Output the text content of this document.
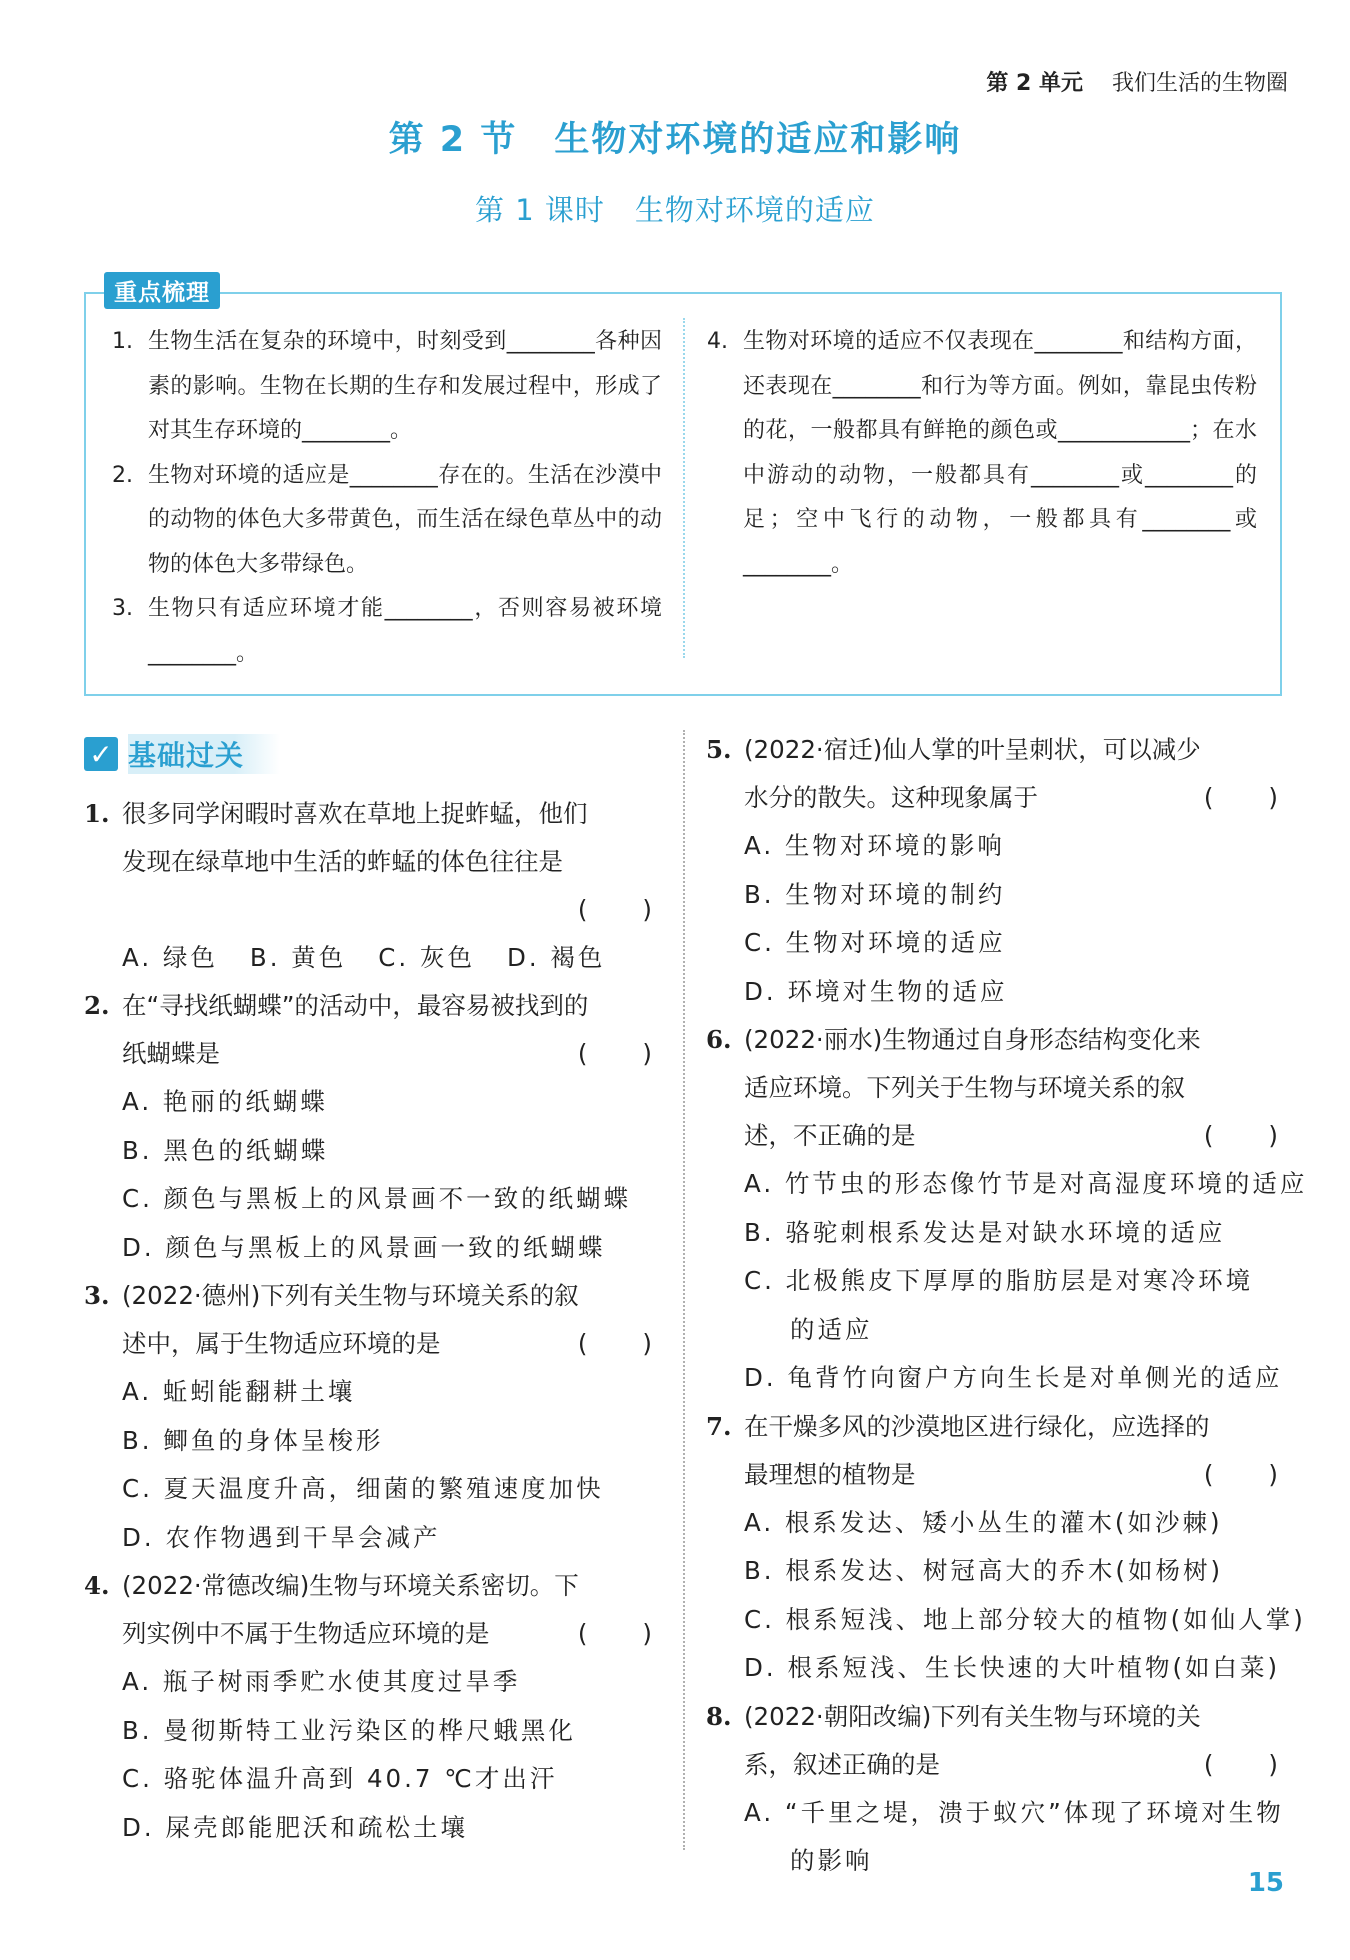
第 2 单元 我们生活的生物圈
第 2 节　生物对环境的适应和影响
第 1 课时　生物对环境的适应
重点梳理
1. 生物生活在复杂的环境中，时刻受到________各种因素的影响。生物在长期的生存和发展过程中，形成了对其生存环境的________。
2. 生物对环境的适应是________存在的。生活在沙漠中的动物的体色大多带黄色，而生活在绿色草丛中的动物的体色大多带绿色。
3. 生物只有适应环境才能________，否则容易被环境________。
4. 生物对环境的适应不仅表现在________和结构方面，还表现在________和行为等方面。例如，靠昆虫传粉的花，一般都具有鲜艳的颜色或____________；在水中游动的动物，一般都具有________或________的足；空中飞行的动物，一般都具有________或________。
✓ 基础过关
1. 很多同学闲暇时喜欢在草地上捉蚱蜢，他们
发现在绿草地中生活的蚱蜢的体色往往是
(　　)
A. 绿色 B. 黄色 C. 灰色 D. 褐色
2. 在“寻找纸蝴蝶”的活动中，最容易被找到的
纸蝴蝶是	(　　)
A. 艳丽的纸蝴蝶
B. 黑色的纸蝴蝶
C. 颜色与黑板上的风景画不一致的纸蝴蝶
D. 颜色与黑板上的风景画一致的纸蝴蝶
3. (2022·德州)下列有关生物与环境关系的叙
述中，属于生物适应环境的是	(　　)
A. 蚯蚓能翻耕土壤
B. 鲫鱼的身体呈梭形
C. 夏天温度升高，细菌的繁殖速度加快
D. 农作物遇到干旱会减产
4. (2022·常德改编)生物与环境关系密切。下
列实例中不属于生物适应环境的是	(　　)
A. 瓶子树雨季贮水使其度过旱季
B. 曼彻斯特工业污染区的桦尺蛾黑化
C. 骆驼体温升高到 40.7 ℃才出汗
D. 屎壳郎能肥沃和疏松土壤
5. (2022·宿迁)仙人掌的叶呈刺状，可以减少
水分的散失。这种现象属于	(　　)
A. 生物对环境的影响
B. 生物对环境的制约
C. 生物对环境的适应
D. 环境对生物的适应
6. (2022·丽水)生物通过自身形态结构变化来
适应环境。下列关于生物与环境关系的叙
述，不正确的是	(　　)
A. 竹节虫的形态像竹节是对高湿度环境的适应
B. 骆驼刺根系发达是对缺水环境的适应
C. 北极熊皮下厚厚的脂肪层是对寒冷环境
的适应
D. 龟背竹向窗户方向生长是对单侧光的适应
7. 在干燥多风的沙漠地区进行绿化，应选择的
最理想的植物是	(　　)
A. 根系发达、矮小丛生的灌木(如沙棘)
B. 根系发达、树冠高大的乔木(如杨树)
C. 根系短浅、地上部分较大的植物(如仙人掌)
D. 根系短浅、生长快速的大叶植物(如白菜)
8. (2022·朝阳改编)下列有关生物与环境的关
系，叙述正确的是	(　　)
A. “千里之堤，溃于蚁穴”体现了环境对生物
的影响
15
